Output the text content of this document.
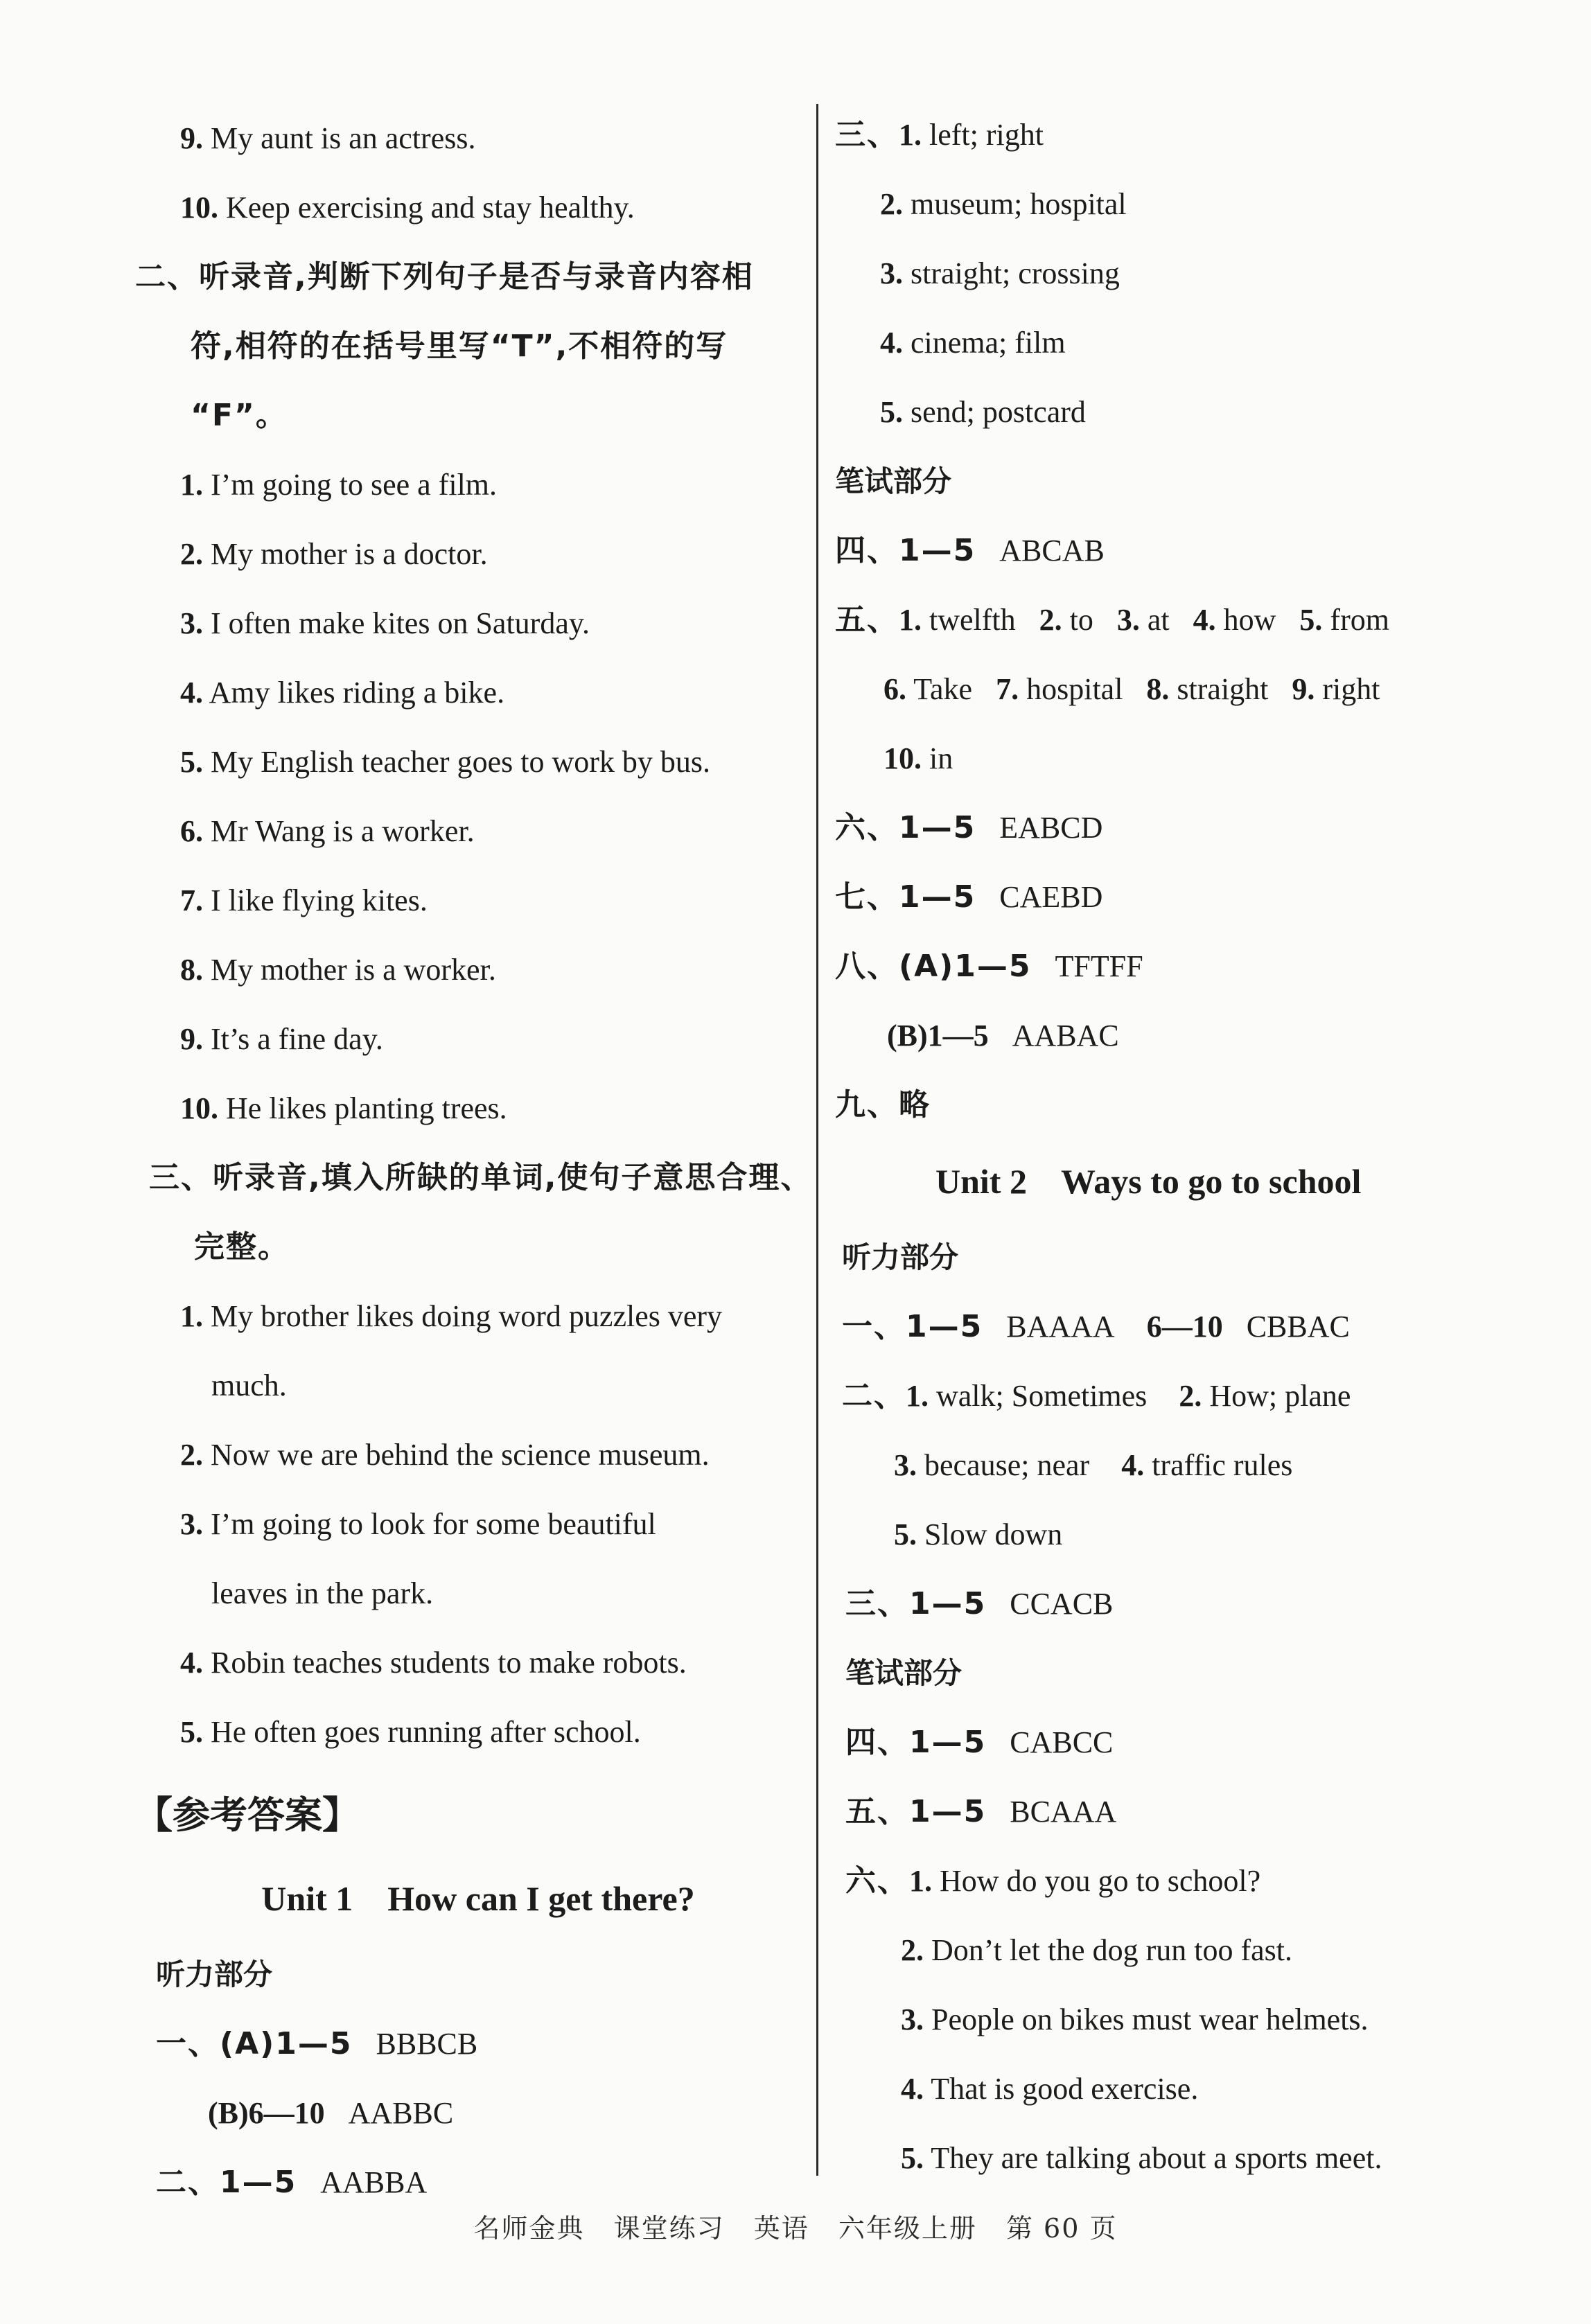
9. My aunt is an actress.
10. Keep exercising and stay healthy.
二、听录音,判断下列句子是否与录音内容相
符,相符的在括号里写“T”,不相符的写
“F”。
1. I’m going to see a film.
2. My mother is a doctor.
3. I often make kites on Saturday.
4. Amy likes riding a bike.
5. My English teacher goes to work by bus.
6. Mr Wang is a worker.
7. I like flying kites.
8. My mother is a worker.
9. It’s a fine day.
10. He likes planting trees.
三、听录音,填入所缺的单词,使句子意思合理、
完整。
1. My brother likes doing word puzzles very
much.
2. Now we are behind the science museum.
3. I’m going to look for some beautiful
leaves in the park.
4. Robin teaches students to make robots.
5. He often goes running after school.
【参考答案】
Unit 1    How can I get there?
听力部分
一、(A)1—5 BBBCB
(B)6—10 AABBC
二、1—5 AABBA
三、1. left; right
2. museum; hospital
3. straight; crossing
4. cinema; film
5. send; postcard
笔试部分
四、1—5 ABCAB
五、1. twelfth 2. to 3. at 4. how 5. from
6. Take 7. hospital 8. straight 9. right
10. in
六、1—5 EABCD
七、1—5 CAEBD
八、(A)1—5 TFTFF
(B)1—5 AABAC
九、略
Unit 2    Ways to go to school
听力部分
一、1—5 BAAAA 6—10 CBBAC
二、1. walk; Sometimes 2. How; plane
3. because; near 4. traffic rules
5. Slow down
三、1—5 CCACB
笔试部分
四、1—5 CABCC
五、1—5 BCAAA
六、1. How do you go to school?
2. Don’t let the dog run too fast.
3. People on bikes must wear helmets.
4. That is good exercise.
5. They are talking about a sports meet.
名师金典 课堂练习 英语 六年级上册 第 60 页
